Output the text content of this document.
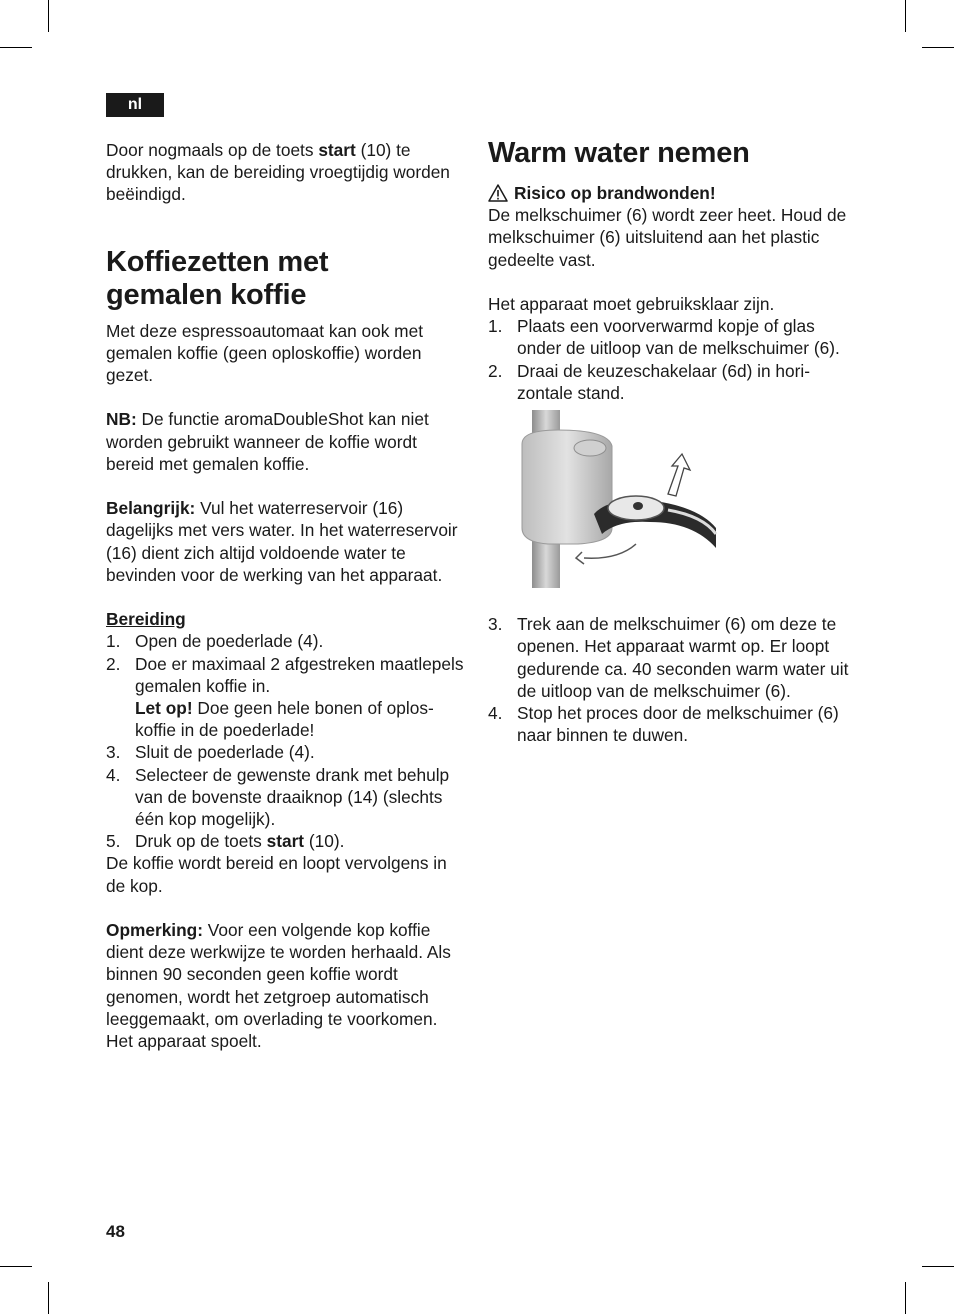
nl

Door nogmaals op de toets start (10) te drukken, kan de bereiding vroegtijdig worden beëindigd.

Koffiezetten met
gemalen koffie

Met deze espressoautomaat kan ook met gemalen koffie (geen oploskoffie) worden gezet.

NB: De functie aromaDoubleShot kan niet worden gebruikt wanneer de koffie wordt bereid met gemalen koffie.

Belangrijk: Vul het waterreservoir (16) dagelijks met vers water. In het waterreservoir (16) dient zich altijd voldoende water te bevinden voor de werking van het apparaat.

Bereiding

1. Open de poederlade (4).
2. Doe er maximaal 2 afgestreken maatlepels gemalen koffie in.
Let op! Doe geen hele bonen of oploskoffie in de poederlade!
3. Sluit de poederlade (4).
4. Selecteer de gewenste drank met behulp van de bovenste draaiknop (14) (slechts één kop mogelijk).
5. Druk op de toets start (10).

De koffie wordt bereid en loopt vervolgens in de kop.

Opmerking: Voor een volgende kop koffie dient deze werkwijze te worden herhaald. Als binnen 90 seconden geen koffie wordt genomen, wordt het zetgroep automatisch leeggemaakt, om overlading te voorkomen. Het apparaat spoelt.

Warm water nemen
Risico op brandwonden!

De melkschuimer (6) wordt zeer heet. Houd de melkschuimer (6) uitsluitend aan het plastic gedeelte vast.

Het apparaat moet gebruiksklaar zijn.

1. Plaats een voorverwarmd kopje of glas onder de uitloop van de melkschuimer (6).
2. Draai de keuzeschakelaar (6d) in horizontale stand.
3. Trek aan de melkschuimer (6) om deze te openen. Het apparaat warmt op. Er loopt gedurende ca. 40 seconden warm water uit de uitloop van de melkschuimer (6).
4. Stop het proces door de melkschuimer (6) naar binnen te duwen.
48
